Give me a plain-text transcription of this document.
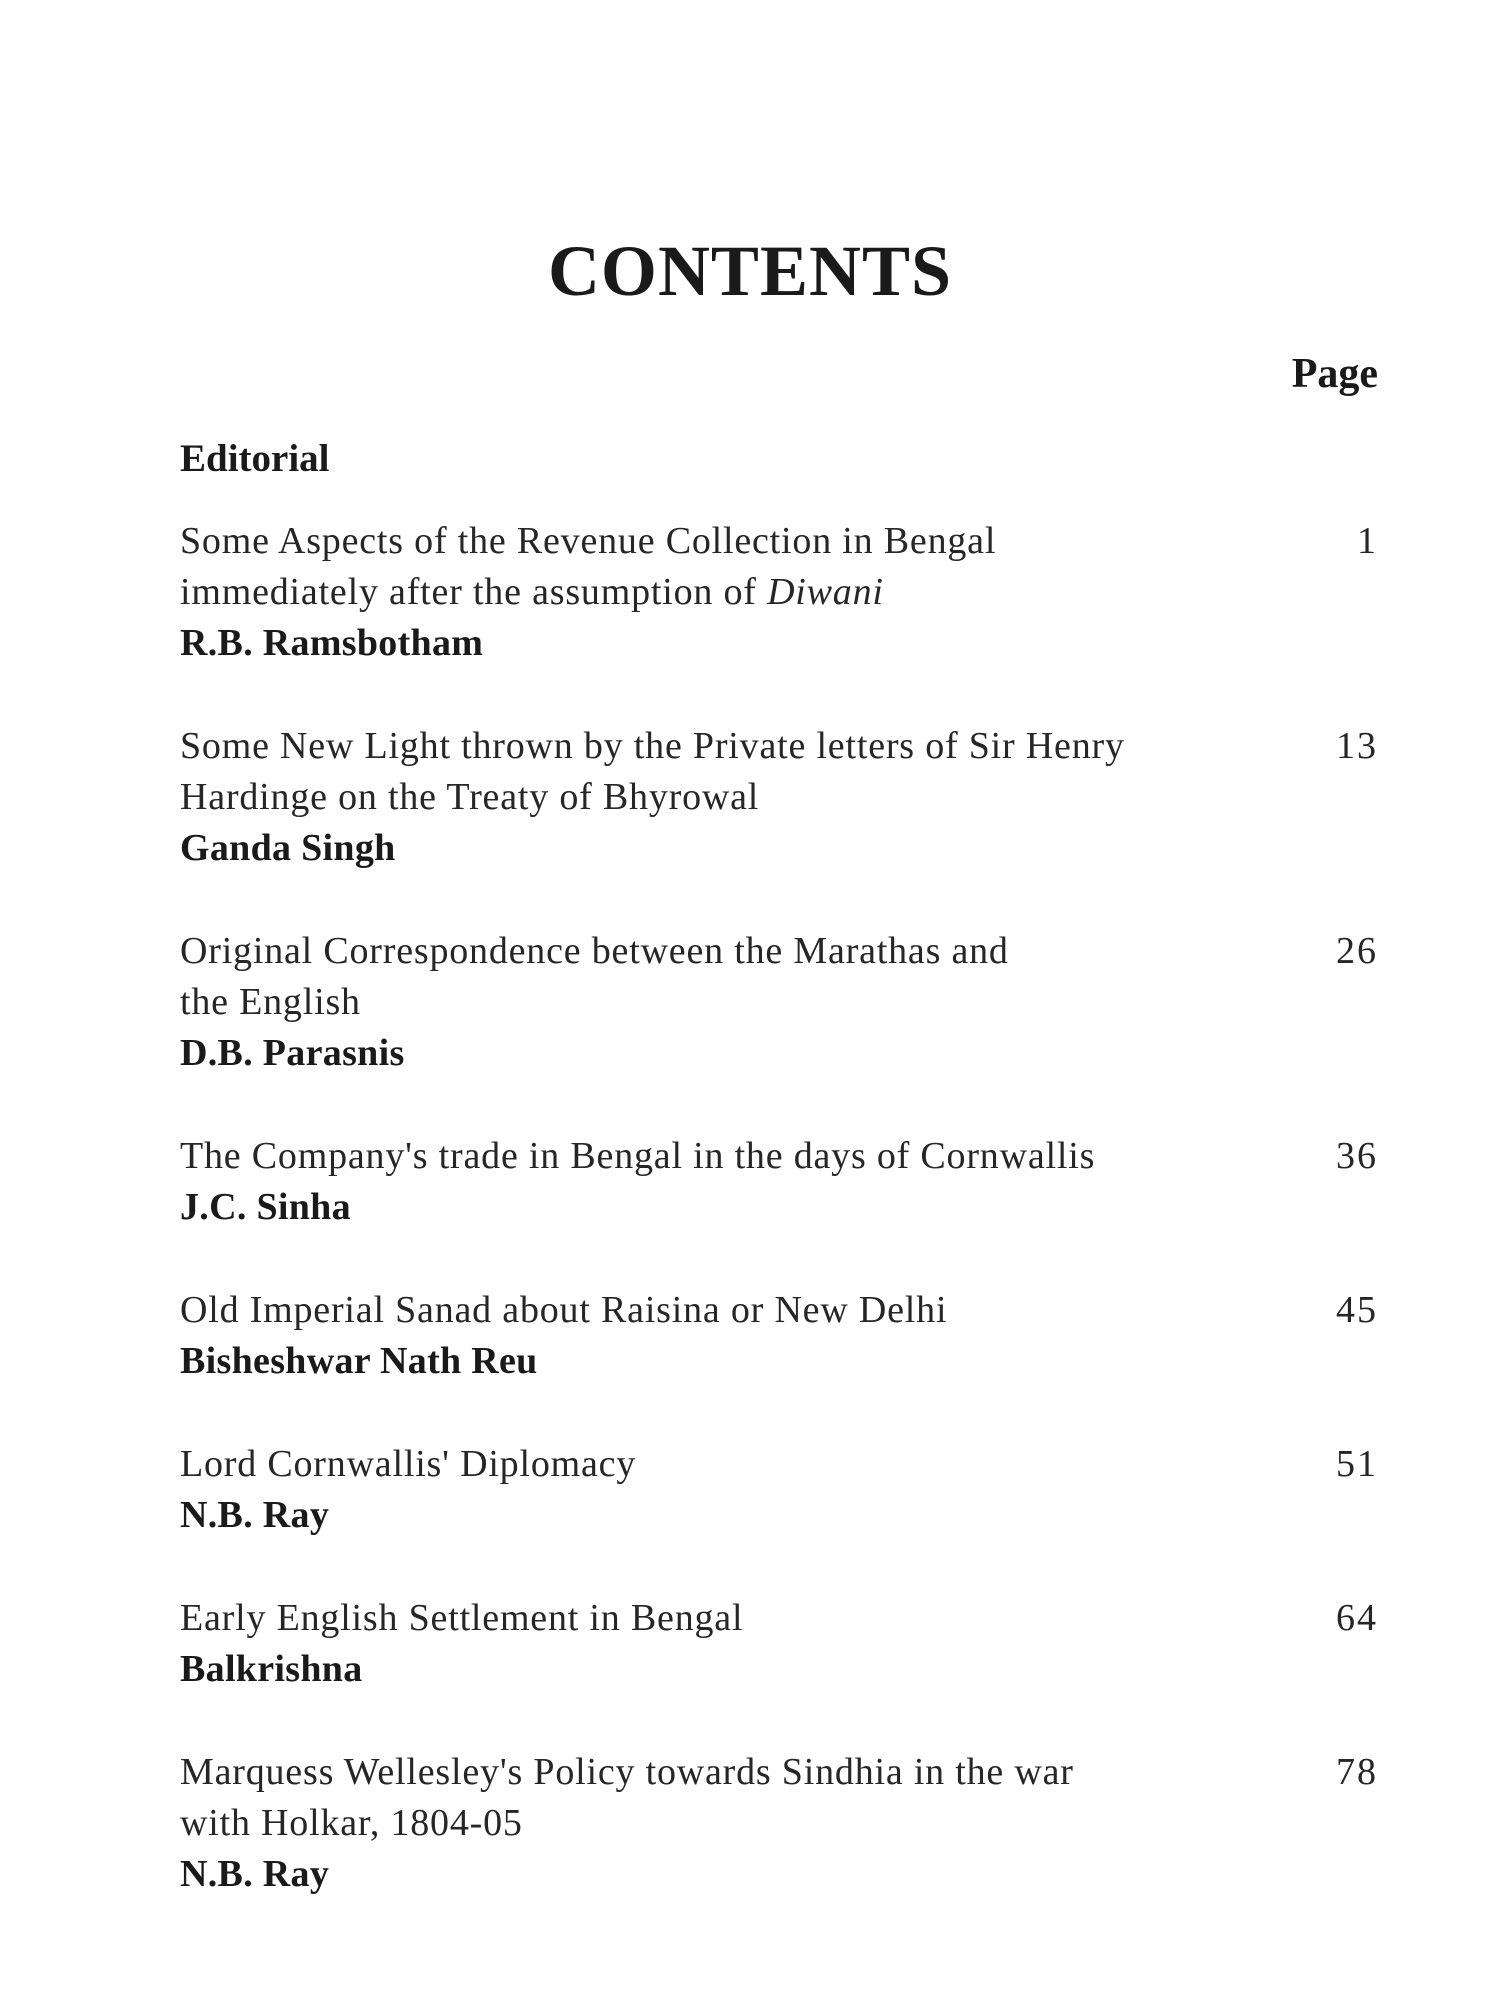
CONTENTS
Page
Editorial
Some Aspects of the Revenue Collection in Bengal
immediately after the assumption of Diwani
R.B. Ramsbotham
1
Some New Light thrown by the Private letters of Sir Henry
Hardinge on the Treaty of Bhyrowal
Ganda Singh
13
Original Correspondence between the Marathas and
the English
D.B. Parasnis
26
The Company's trade in Bengal in the days of Cornwallis
J.C. Sinha
36
Old Imperial Sanad about Raisina or New Delhi
Bisheshwar Nath Reu
45
Lord Cornwallis' Diplomacy
N.B. Ray
51
Early English Settlement in Bengal
Balkrishna
64
Marquess Wellesley's Policy towards Sindhia in the war
with Holkar, 1804-05
N.B. Ray
78
